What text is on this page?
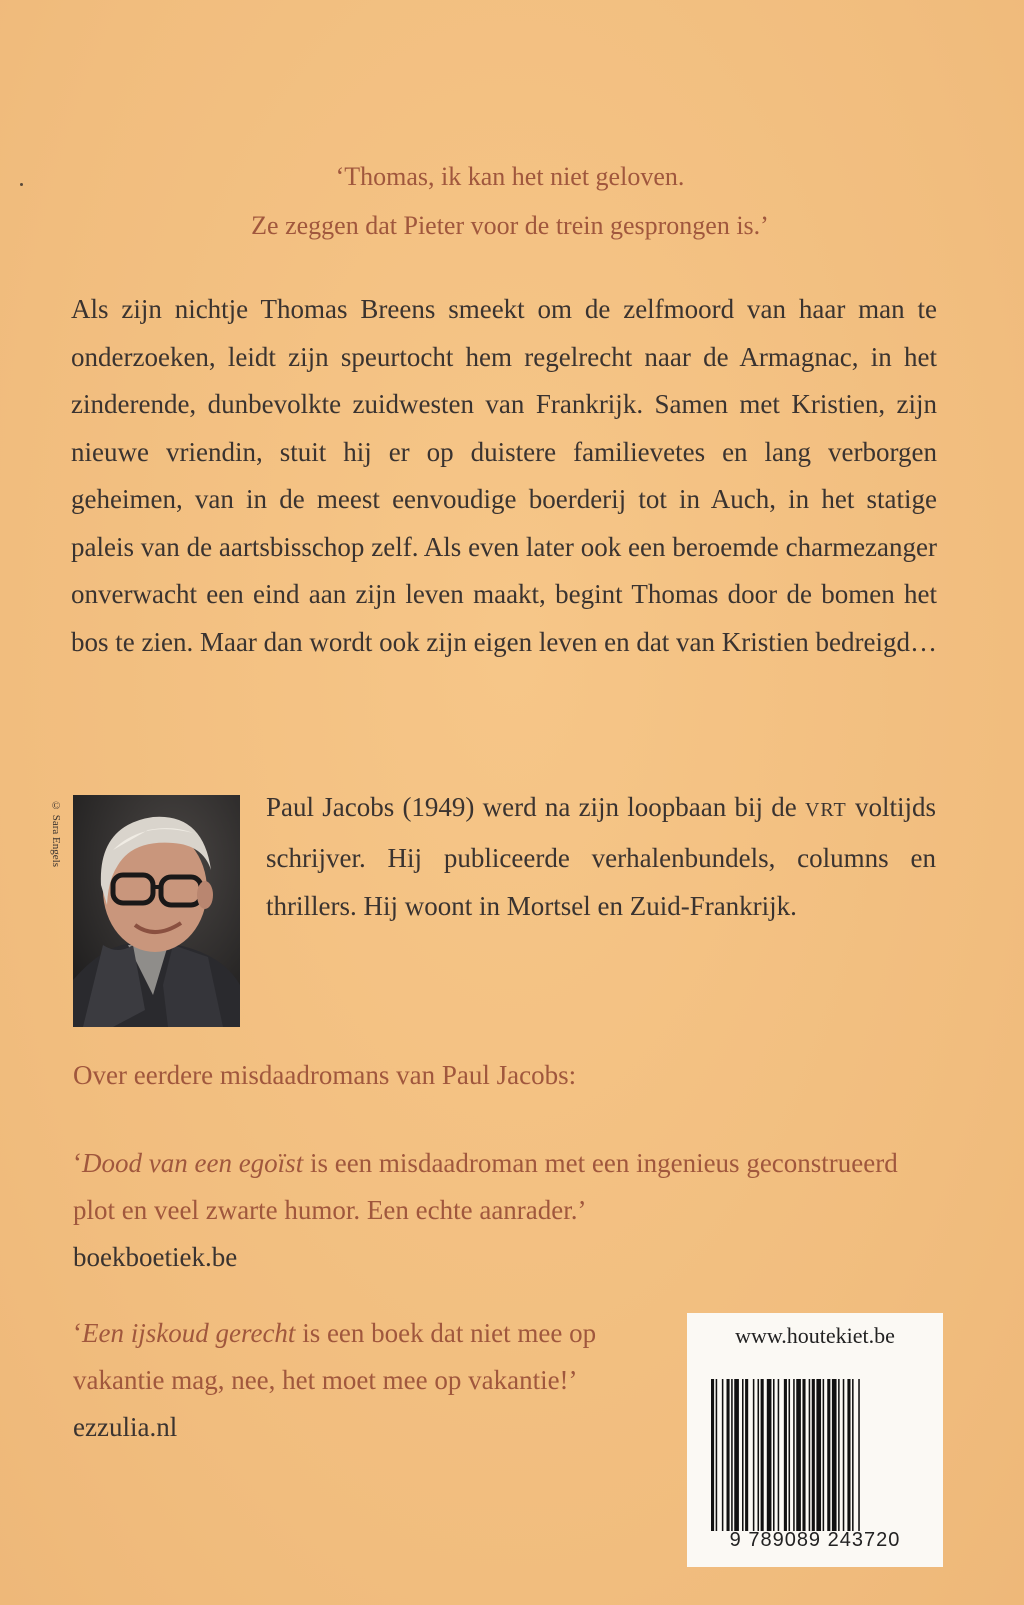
‘Thomas, ik kan het niet geloven.
Ze zeggen dat Pieter voor de trein gesprongen is.’

Als zijn nichtje Thomas Breens smeekt om de zelfmoord van haar man te onderzoeken, leidt zijn speurtocht hem regelrecht naar de Armagnac, in het zinderende, dunbevolkte zuidwesten van Frankrijk. Samen met Kristien, zijn nieuwe vriendin, stuit hij er op duistere familievetes en lang verborgen geheimen, van in de meest eenvoudige boerderij tot in Auch, in het statige paleis van de aartsbisschop zelf. Als even later ook een beroemde charmezanger onverwacht een eind aan zijn leven maakt, begint Thomas door de bomen het bos te zien. Maar dan wordt ook zijn eigen leven en dat van Kristien bedreigd…

© Sara Engels	Paul Jacobs (1949) werd na zijn loopbaan bij de VRT voltijds schrijver. Hij publiceerde verhalenbundels, columns en thrillers. Hij woont in Mortsel en Zuid-Frankrijk.
Over eerdere misdaadromans van Paul Jacobs:
‘Dood van een egoïst is een misdaadroman met een ingenieus geconstrueerd plot en veel zwarte humor. Een echte aanrader.’
boekboetiek.be
‘Een ijskoud gerecht is een boek dat niet mee op vakantie mag, nee, het moet mee op vakantie!’
ezzulia.nl
www.houtekiet.be
9 789089 243720
